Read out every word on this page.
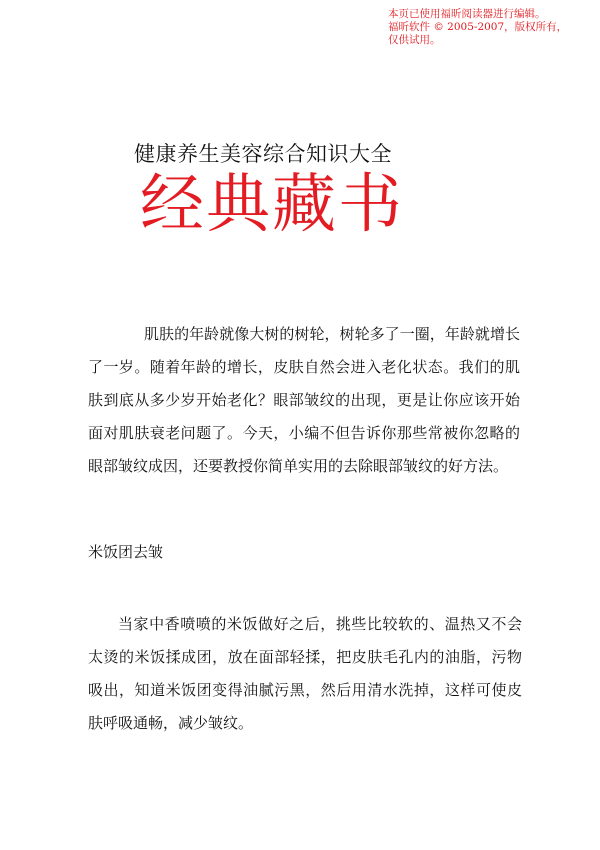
本页已使用福昕阅读器进行编辑。
福昕软件 © 2005-2007，版权所有，
仅供试用。
健康养生美容综合知识大全
经典藏书

肌肤的年龄就像大树的树轮，树轮多了一圈，年龄就增长了一岁。随着年龄的增长，皮肤自然会进入老化状态。我们的肌肤到底从多少岁开始老化？眼部皱纹的出现，更是让你应该开始面对肌肤衰老问题了。今天，小编不但告诉你那些常被你忽略的眼部皱纹成因，还要教授你简单实用的去除眼部皱纹的好方法。

米饭团去皱

当家中香喷喷的米饭做好之后，挑些比较软的、温热又不会太烫的米饭揉成团，放在面部轻揉，把皮肤毛孔内的油脂，污物吸出，知道米饭团变得油腻污黑，然后用清水洗掉，这样可使皮肤呼吸通畅，减少皱纹。
